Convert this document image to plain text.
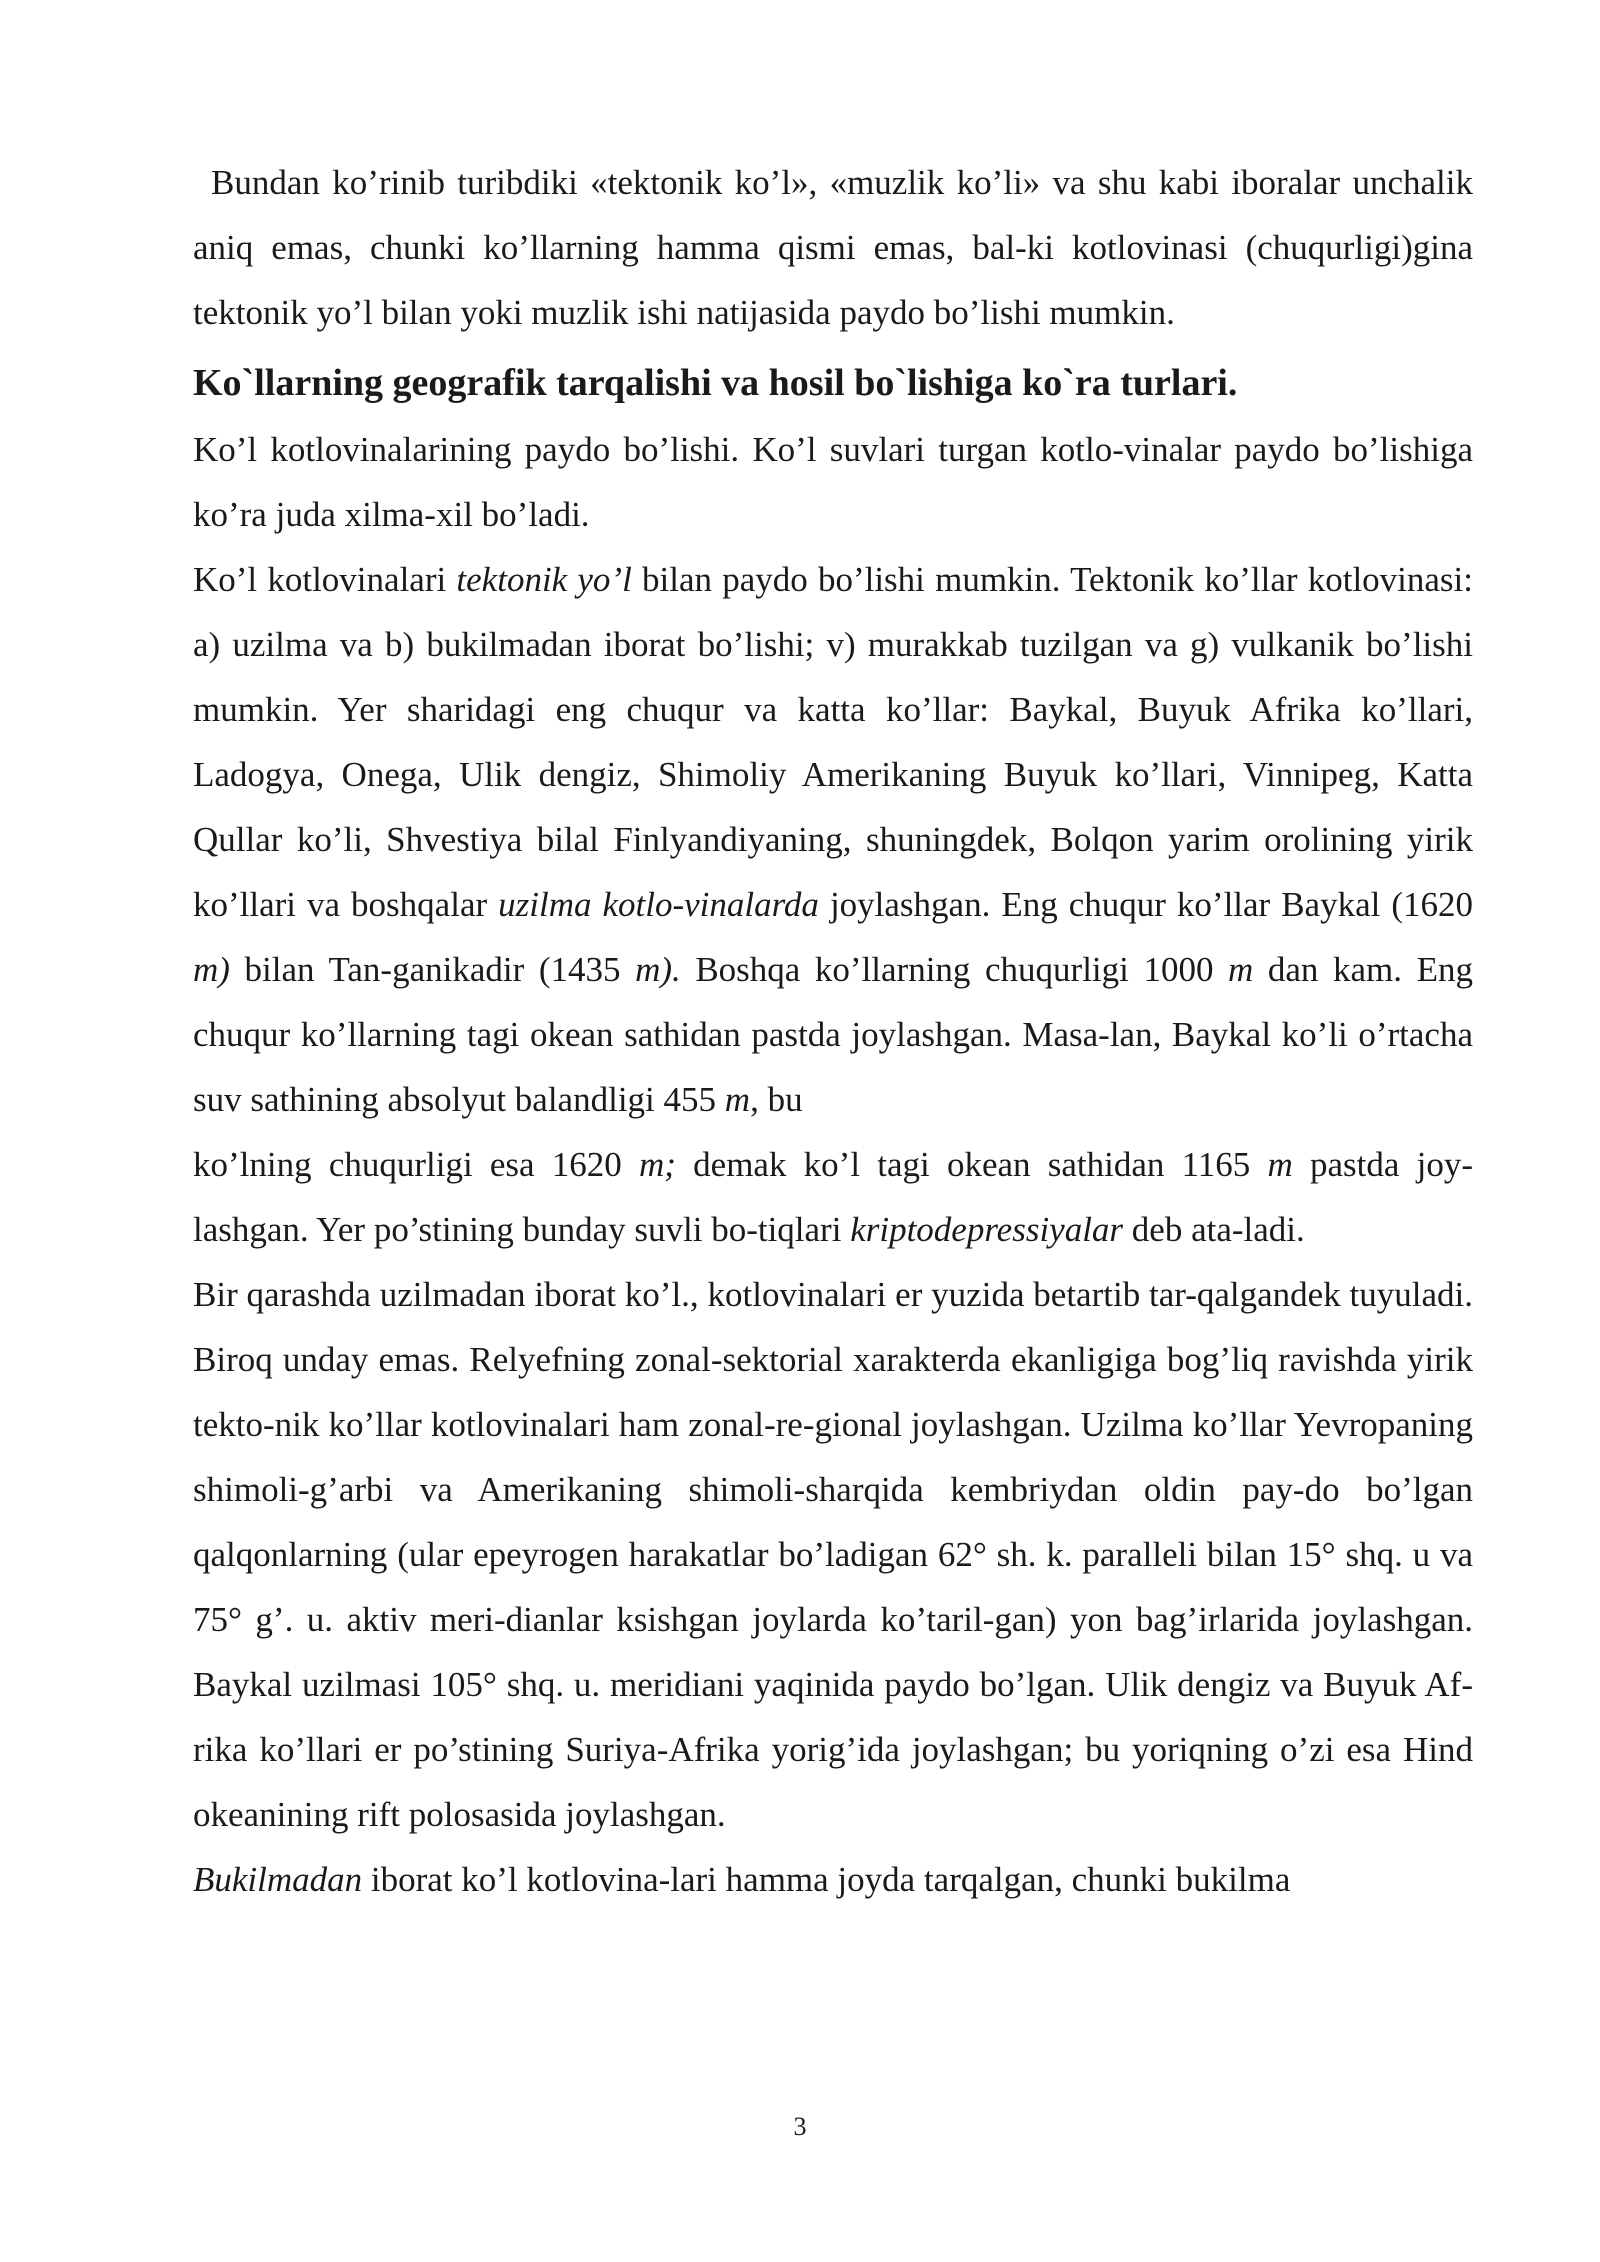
Bundan ko’rinib turibdiki «tektonik ko’l», «muzlik ko’li» va shu kabi iboralar unchalik aniq emas, chunki ko’llarning hamma qismi emas, bal-ki kotlovinasi (chuqurligi)gina tektonik yo’l bilan yoki muzlik ishi natijasida paydo bo’lishi mumkin.

Ko`llarning geografik tarqalishi va hosil bo`lishiga ko`ra turlari.

Ko’l kotlovinalarining paydo bo’lishi. Ko’l suvlari turgan kotlo-vinalar paydo bo’lishiga ko’ra juda xilma-xil bo’ladi.

Ko’l kotlovinalari tektonik yo’l bilan paydo bo’lishi mumkin. Tektonik ko’llar kotlovinasi: a) uzilma va b) bukilmadan iborat bo’lishi; v) murakkab tuzilgan va g) vulkanik bo’lishi mumkin. Yer sharidagi eng chuqur va katta ko’llar: Baykal, Buyuk Afrika ko’llari, Ladogya, Onega, Ulik dengiz, Shimoliy Amerikaning Buyuk ko’llari, Vinnipeg, Katta Qullar ko’li, Shvestiya bilal Finlyandiyaning, shuningdek, Bolqon yarim orolining yirik ko’llari va boshqalar uzilma kotlo-vinalarda joylashgan. Eng chuqur ko’llar Baykal (1620 m) bilan Tan-ganikadir (1435 m). Boshqa ko’llarning chuqurligi 1000 m dan kam. Eng chuqur ko’llarning tagi okean sathidan pastda joylashgan. Masa-lan, Baykal ko’li o’rtacha suv sathining absolyut balandligi 455 m, bu

ko’lning chuqurligi esa 1620 m; demak ko’l tagi okean sathidan 1165 m pastda joy-lashgan. Yer po’stining bunday suvli bo-tiqlari kriptodepressiyalar deb ata-ladi.

Bir qarashda uzilmadan iborat ko’l., kotlovinalari er yuzida betartib tar-qalgandek tuyuladi. Biroq unday emas. Relyefning zonal-sektorial xarakterda ekanligiga bog’liq ravishda yirik tekto-nik ko’llar kotlovinalari ham zonal-re-gional joylashgan. Uzilma ko’llar Yevropaning shimoli-g’arbi va Amerikaning shimoli-sharqida kembriydan oldin pay-do bo’lgan qalqonlarning (ular epeyrogen harakatlar bo’ladigan 62° sh. k. paralleli bilan 15° shq. u va 75° g’. u. aktiv meri-dianlar ksishgan joylarda ko’taril-gan) yon bag’irlarida joylashgan. Baykal uzilmasi 105° shq. u. meridiani yaqinida paydo bo’lgan. Ulik dengiz va Buyuk Af-rika ko’llari er po’stining Suriya-Afrika yorig’ida joylashgan; bu yoriqning o’zi esa Hind okeanining rift polosasida joylashgan.

Bukilmadan iborat ko’l kotlovina-lari hamma joyda tarqalgan, chunki bukilma

3
